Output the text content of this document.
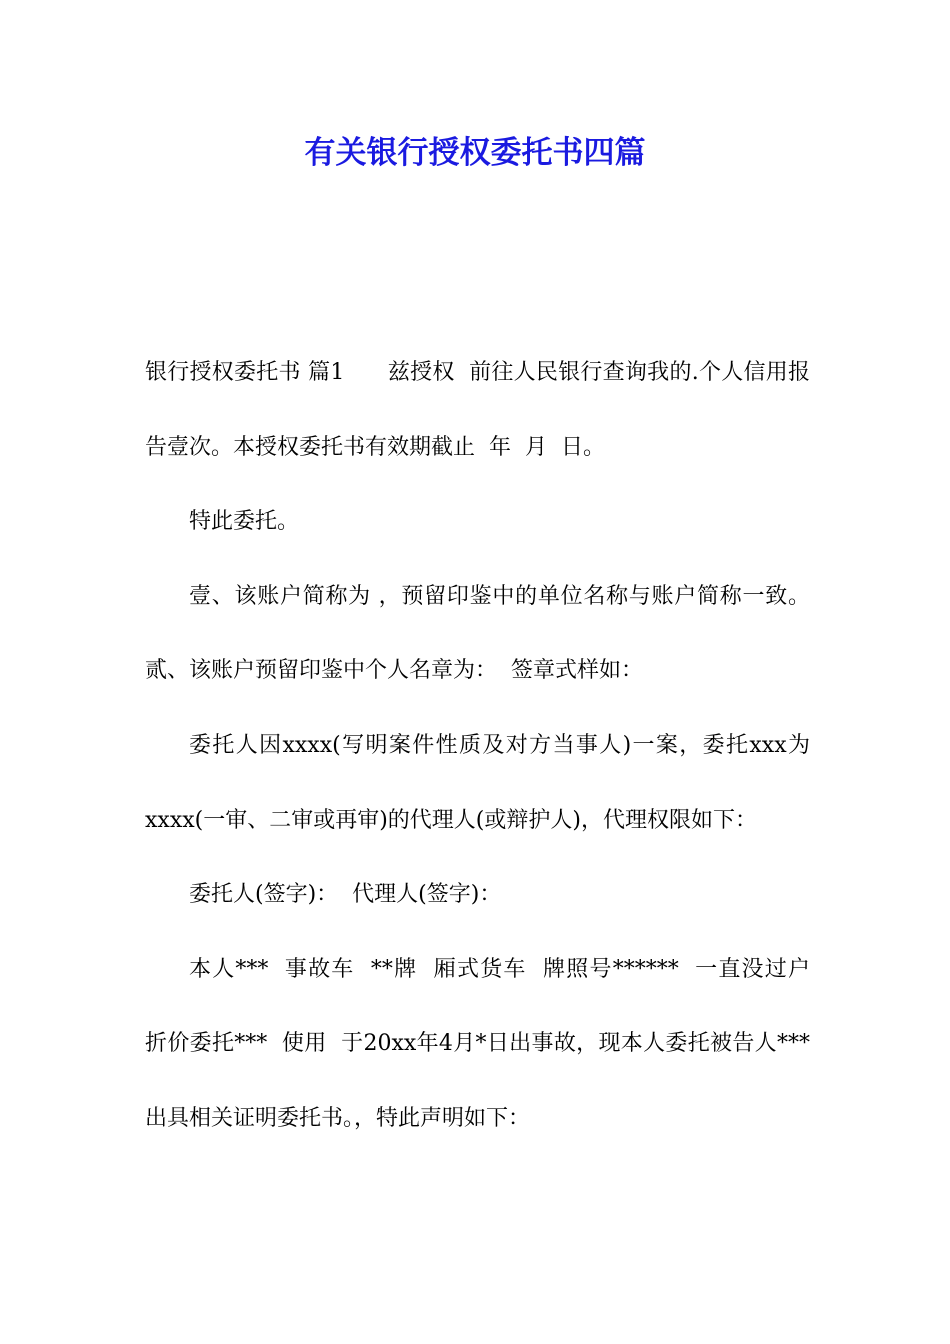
有关银行授权委托书四篇

银行授权委托书 篇1      兹授权  前往人民银行查询我的.个人信用报告壹次。本授权委托书有效期截止  年  月  日。

特此委托。

壹、该账户简称为 ，预留印鉴中的单位名称与账户简称一致。 贰、该账户预留印鉴中个人名章为：  签章式样如：

委托人因xxxx(写明案件性质及对方当事人)一案，委托xxx为xxxx(一审、二审或再审)的代理人(或辩护人)，代理权限如下：

委托人(签字)：  代理人(签字)：

本人***  事故车  **牌  厢式货车  牌照号******  一直没过户  折价委托***  使用  于20xx年4月*日出事故，现本人委托被告人***  出具相关证明委托书。，特此声明如下：
